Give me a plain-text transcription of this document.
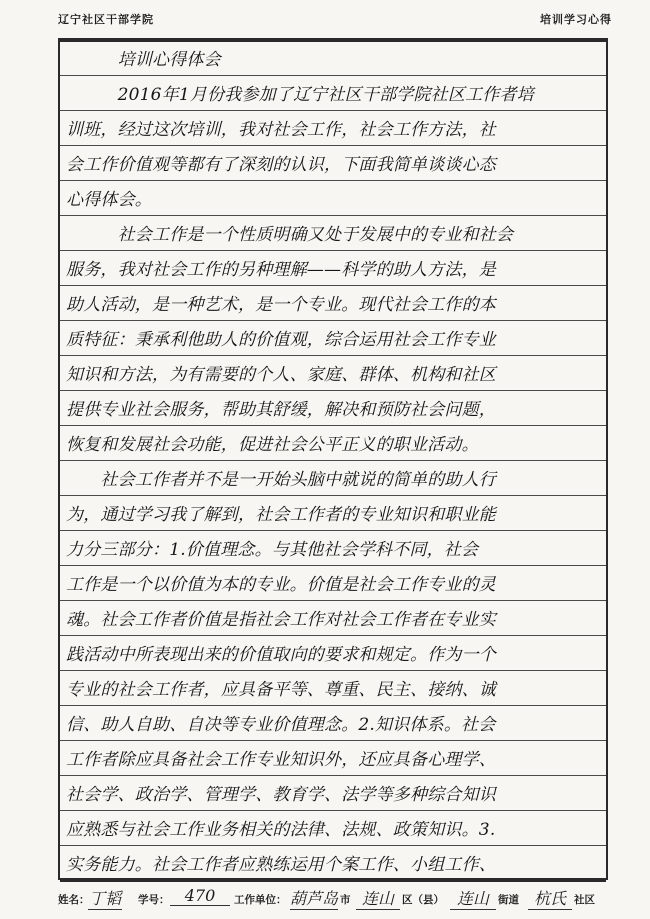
辽宁社区干部学院	培训学习心得
　　　培训心得体会
　　　2016年1月份我参加了辽宁社区干部学院社区工作者培
训班，经过这次培训，我对社会工作，社会工作方法，社
会工作价值观等都有了深刻的认识，下面我简单谈谈心态
心得体会。
　　　社会工作是一个性质明确又处于发展中的专业和社会
服务，我对社会工作的另种理解——科学的助人方法，是
助人活动，是一种艺术，是一个专业。现代社会工作的本
质特征：秉承利他助人的价值观，综合运用社会工作专业
知识和方法，为有需要的个人、家庭、群体、机构和社区
提供专业社会服务，帮助其舒缓，解决和预防社会问题，
恢复和发展社会功能，促进社会公平正义的职业活动。
　　社会工作者并不是一开始头脑中就说的简单的助人行
为，通过学习我了解到，社会工作者的专业知识和职业能
力分三部分：1.价值理念。与其他社会学科不同，社会
工作是一个以价值为本的专业。价值是社会工作专业的灵
魂。社会工作者价值是指社会工作对社会工作者在专业实
践活动中所表现出来的价值取向的要求和规定。作为一个
专业的社会工作者，应具备平等、尊重、民主、接纳、诚
信、助人自助、自决等专业价值理念。2.知识体系。社会
工作者除应具备社会工作专业知识外，还应具备心理学、
社会学、政治学、管理学、教育学、法学等多种综合知识
应熟悉与社会工作业务相关的法律、法规、政策知识。3.
实务能力。社会工作者应熟练运用个案工作、小组工作、
姓名： 丁韬 学号： 470	工作单位： 葫芦岛 市 连山 区（县） 连山 街道 杭氏 社区
